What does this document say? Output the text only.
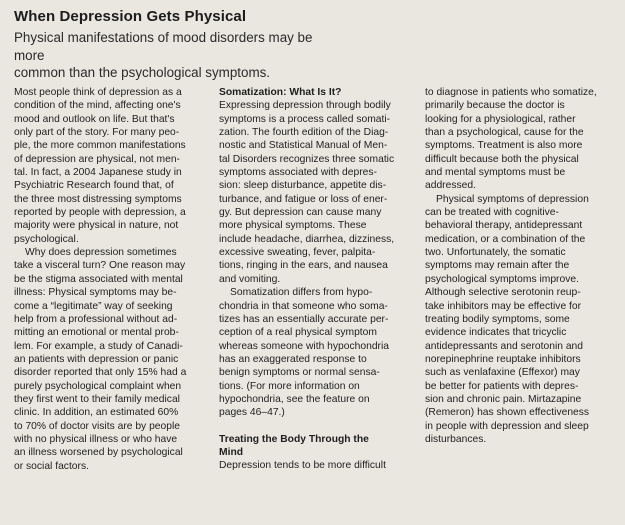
When Depression Gets Physical
Physical manifestations of mood disorders may be more
common than the psychological symptoms.

Most people think of depression as a

condition of the mind, affecting one's

mood and outlook on life. But that's

only part of the story. For many peo-

ple, the more common manifestations

of depression are physical, not men-

tal. In fact, a 2004 Japanese study in

Psychiatric Research found that, of

the three most distressing symptoms

reported by people with depression, a

majority were physical in nature, not

psychological.

Why does depression sometimes

take a visceral turn? One reason may

be the stigma associated with mental

illness: Physical symptoms may be-

come a “legitimate” way of seeking

help from a professional without ad-

mitting an emotional or mental prob-

lem. For example, a study of Canadi-

an patients with depression or panic

disorder reported that only 15% had a

purely psychological complaint when

they first went to their family medical

clinic. In addition, an estimated 60%

to 70% of doctor visits are by people

with no physical illness or who have

an illness worsened by psychological

or social factors.

Somatization: What Is It?

Expressing depression through bodily

symptoms is a process called somati-

zation. The fourth edition of the Diag-

nostic and Statistical Manual of Men-

tal Disorders recognizes three somatic

symptoms associated with depres-

sion: sleep disturbance, appetite dis-

turbance, and fatigue or loss of ener-

gy. But depression can cause many

more physical symptoms. These

include headache, diarrhea, dizziness,

excessive sweating, fever, palpita-

tions, ringing in the ears, and nausea

and vomiting.

Somatization differs from hypo-

chondria in that someone who soma-

tizes has an essentially accurate per-

ception of a real physical symptom

whereas someone with hypochondria

has an exaggerated response to

benign symptoms or normal sensa-

tions. (For more information on

hypochondria, see the feature on

pages 46–47.)

Treating the Body Through the

Mind

Depression tends to be more difficult

to diagnose in patients who somatize,

primarily because the doctor is

looking for a physiological, rather

than a psychological, cause for the

symptoms. Treatment is also more

difficult because both the physical

and mental symptoms must be

addressed.

Physical symptoms of depression

can be treated with cognitive-

behavioral therapy, antidepressant

medication, or a combination of the

two. Unfortunately, the somatic

symptoms may remain after the

psychological symptoms improve.

Although selective serotonin reup-

take inhibitors may be effective for

treating bodily symptoms, some

evidence indicates that tricyclic

antidepressants and serotonin and

norepinephrine reuptake inhibitors

such as venlafaxine (Effexor) may

be better for patients with depres-

sion and chronic pain. Mirtazapine

(Remeron) has shown effectiveness

in people with depression and sleep

disturbances.
